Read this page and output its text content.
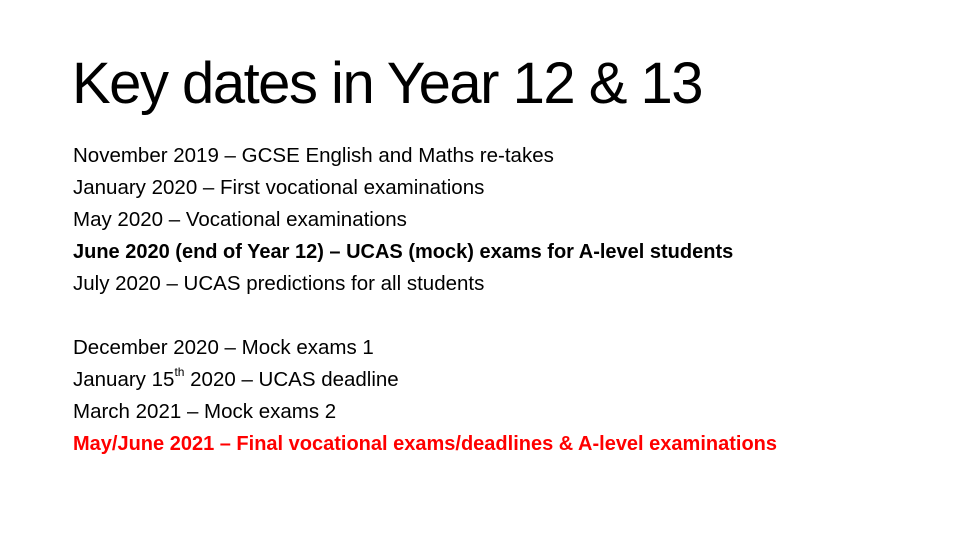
Key dates in Year 12 & 13
November 2019 – GCSE English and Maths re-takes
January 2020 – First vocational examinations
May 2020 – Vocational examinations
June 2020 (end of Year 12) – UCAS (mock) exams for A-level students
July 2020 – UCAS predictions for all students
December 2020 – Mock exams 1
January 15th 2020 – UCAS deadline
March 2021 – Mock exams 2
May/June 2021 – Final vocational exams/deadlines & A-level examinations
